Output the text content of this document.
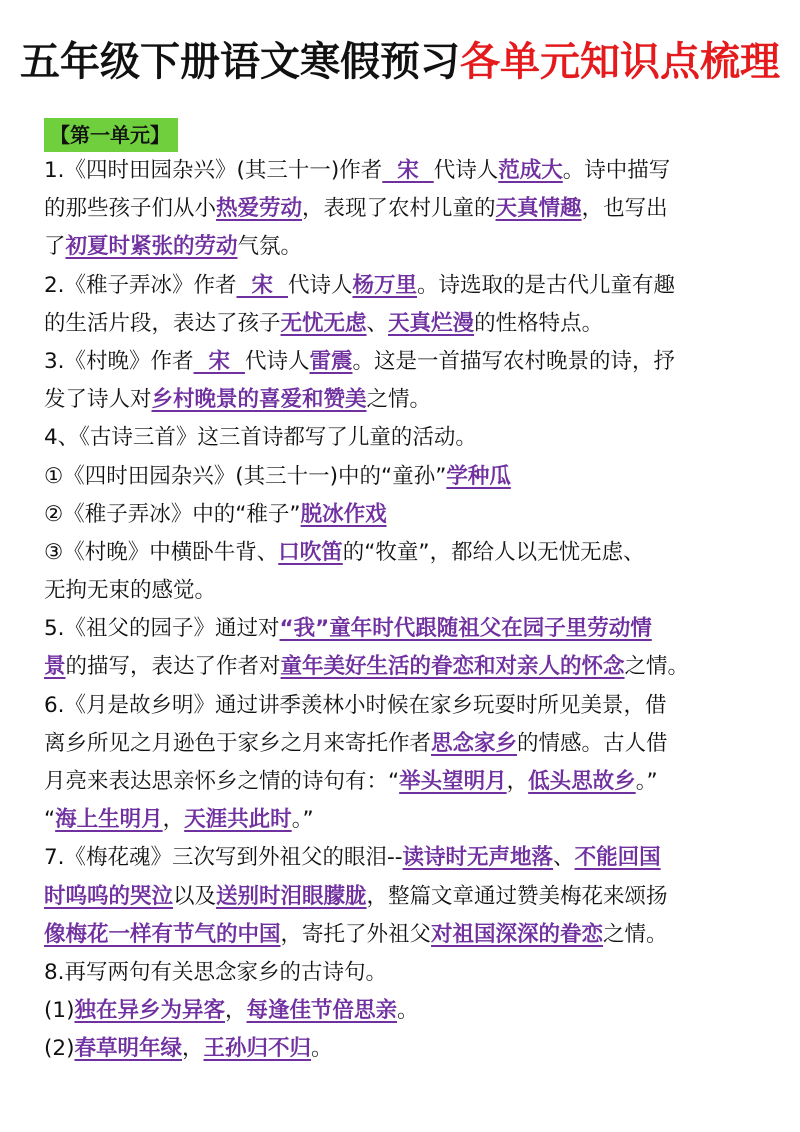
五年级下册语文寒假预习各单元知识点梳理
【第一单元】
1.《四时田园杂兴》(其三十一)作者  宋  代诗人范成大。诗中描写
的那些孩子们从小热爱劳动，表现了农村儿童的天真情趣，也写出
了初夏时紧张的劳动气氛。
2.《稚子弄冰》作者  宋  代诗人杨万里。诗选取的是古代儿童有趣
的生活片段，表达了孩子无忧无虑、天真烂漫的性格特点。
3.《村晚》作者  宋  代诗人雷震。这是一首描写农村晚景的诗，抒
发了诗人对乡村晚景的喜爱和赞美之情。
4、《古诗三首》这三首诗都写了儿童的活动。
①《四时田园杂兴》(其三十一)中的“童孙”学种瓜
②《稚子弄冰》中的“稚子”脱冰作戏
③《村晚》中横卧牛背、口吹笛的“牧童”，都给人以无忧无虑、
无拘无束的感觉。
5.《祖父的园子》通过对“我”童年时代跟随祖父在园子里劳动情
景的描写，表达了作者对童年美好生活的眷恋和对亲人的怀念之情。
6.《月是故乡明》通过讲季羡林小时候在家乡玩耍时所见美景，借
离乡所见之月逊色于家乡之月来寄托作者思念家乡的情感。古人借
月亮来表达思亲怀乡之情的诗句有：“举头望明月，低头思故乡。”
“海上生明月，天涯共此时。”
7.《梅花魂》三次写到外祖父的眼泪--读诗时无声地落、不能回国
时呜呜的哭泣以及送别时泪眼朦胧，整篇文章通过赞美梅花来颂扬
像梅花一样有节气的中国，寄托了外祖父对祖国深深的眷恋之情。
8.再写两句有关思念家乡的古诗句。
(1)独在异乡为异客，每逢佳节倍思亲。
(2)春草明年绿，王孙归不归。
